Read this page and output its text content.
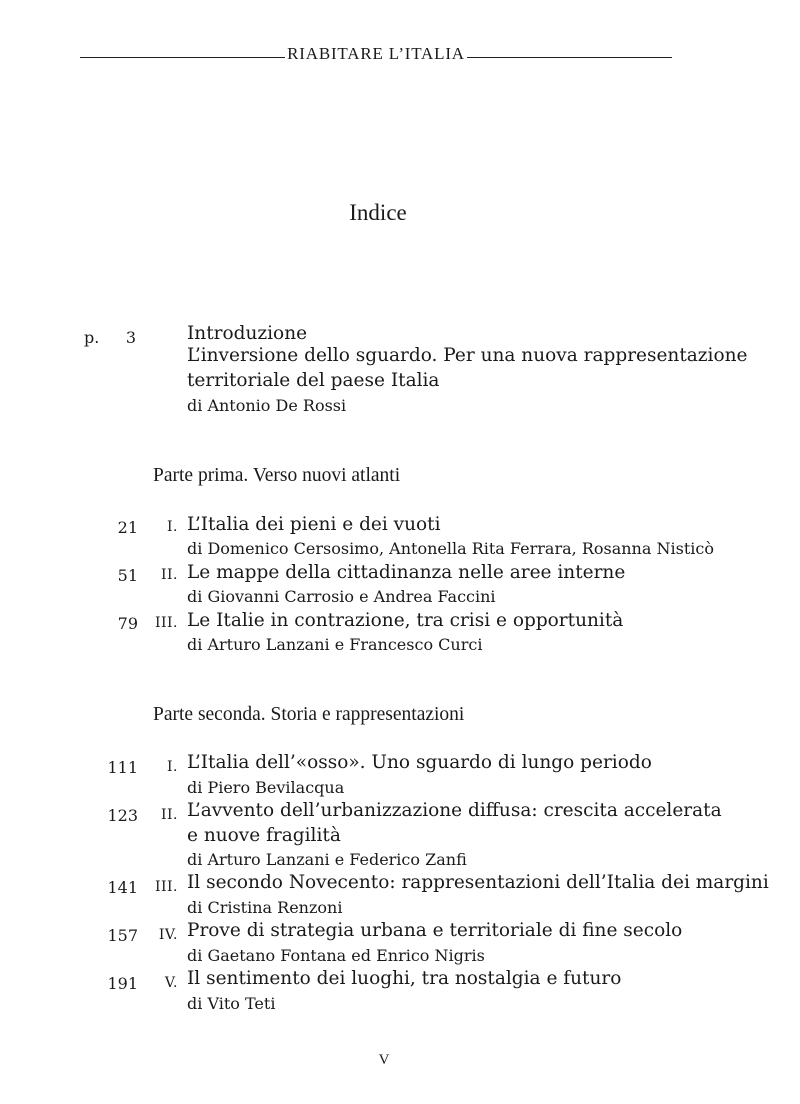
RIABITARE L’ITALIA
Indice
p.	3	Introduzione
L’inversione dello sguardo. Per una nuova rappresentazione
territoriale del paese Italia
di Antonio De Rossi
Parte prima. Verso nuovi atlanti
21	I. L’Italia dei pieni e dei vuoti
di Domenico Cersosimo, Antonella Rita Ferrara, Rosanna Nisticò
51	II. Le mappe della cittadinanza nelle aree interne
di Giovanni Carrosio e Andrea Faccini
79	III. Le Italie in contrazione, tra crisi e opportunità
di Arturo Lanzani e Francesco Curci
Parte seconda. Storia e rappresentazioni
111	I. L’Italia dell’«osso». Uno sguardo di lungo periodo
di Piero Bevilacqua
123	II. L’avvento dell’urbanizzazione diffusa: crescita accelerata
e nuove fragilità
di Arturo Lanzani e Federico Zanfi
141	III. Il secondo Novecento: rappresentazioni dell’Italia dei margini
di Cristina Renzoni
157	IV. Prove di strategia urbana e territoriale di fine secolo
di Gaetano Fontana ed Enrico Nigris
191	V. Il sentimento dei luoghi, tra nostalgia e futuro
di Vito Teti
V
